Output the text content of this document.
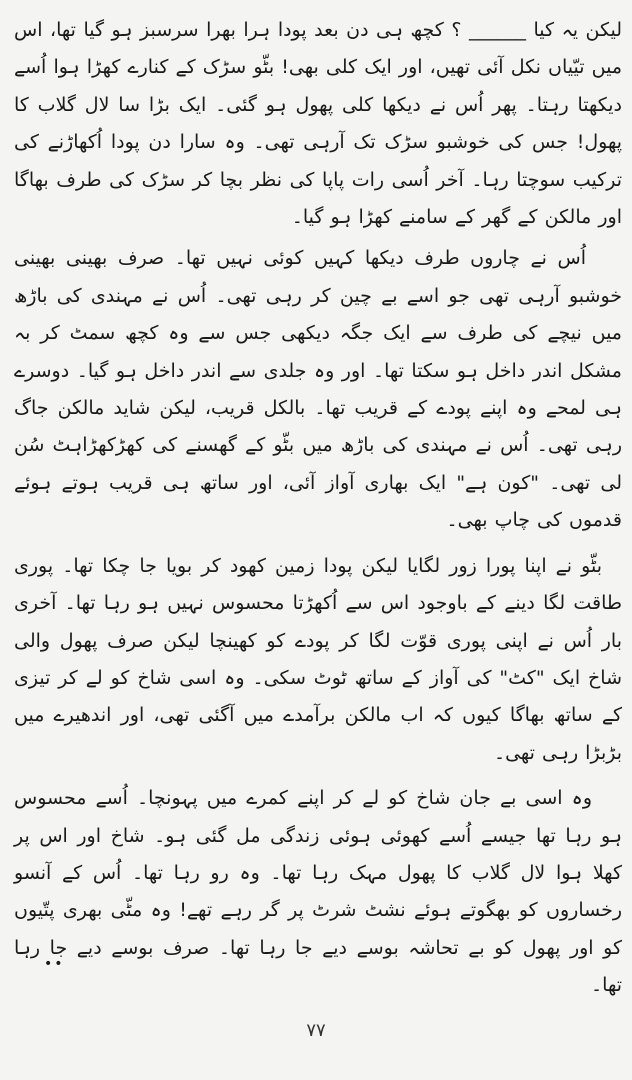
لیکن یہ کیا ______ ؟ کچھ ہی دن بعد پودا ہرا بھرا سرسبز ہو گیا تھا، اس میں تیّیاں نکل آئی تھیں، اور ایک کلی بھی! بٹّو سڑک کے کنارے کھڑا ہوا اُسے دیکھتا رہتا۔ پھر اُس نے دیکھا کلی پھول ہو گئی۔ ایک بڑا سا لال گلاب کا پھول! جس کی خوشبو سڑک تک آرہی تھی۔ وہ سارا دن پودا اُکھاڑنے کی ترکیب سوچتا رہا۔ آخر اُسی رات پاپا کی نظر بچا کر سڑک کی طرف بھاگا اور مالکن کے گھر کے سامنے کھڑا ہو گیا۔

اُس نے چاروں طرف دیکھا کہیں کوئی نہیں تھا۔ صرف بھینی بھینی خوشبو آرہی تھی جو اسے بے چین کر رہی تھی۔ اُس نے مہندی کی باڑھ میں نیچے کی طرف سے ایک جگہ دیکھی جس سے وہ کچھ سمٹ کر بہ مشکل اندر داخل ہو سکتا تھا۔ اور وہ جلدی سے اندر داخل ہو گیا۔ دوسرے ہی لمحے وہ اپنے پودے کے قریب تھا۔ بالکل قریب، لیکن شاید مالکن جاگ رہی تھی۔ اُس نے مہندی کی باڑھ میں بٹّو کے گھسنے کی کھڑکھڑاہٹ سُن لی تھی۔ "کون ہے" ایک بھاری آواز آئی، اور ساتھ ہی قریب ہوتے ہوئے قدموں کی چاپ بھی۔

بٹّو نے اپنا پورا زور لگایا لیکن پودا زمین کھود کر بویا جا چکا تھا۔ پوری طاقت لگا دینے کے باوجود اس سے اُکھڑتا محسوس نہیں ہو رہا تھا۔ آخری بار اُس نے اپنی پوری قوّت لگا کر پودے کو کھینچا لیکن صرف پھول والی شاخ ایک "کٹ" کی آواز کے ساتھ ٹوٹ سکی۔ وہ اسی شاخ کو لے کر تیزی کے ساتھ بھاگا کیوں کہ اب مالکن برآمدے میں آگئی تھی، اور اندھیرے میں بڑبڑا رہی تھی۔

وہ اسی بے جان شاخ کو لے کر اپنے کمرے میں پہونچا۔ اُسے محسوس ہو رہا تھا جیسے اُسے کھوئی ہوئی زندگی مل گئی ہو۔ شاخ اور اس پر کھلا ہوا لال گلاب کا پھول مہک رہا تھا۔ وہ رو رہا تھا۔ اُس کے آنسو رخساروں کو بھگوتے ہوئے نشٹ شرٹ پر گر رہے تھے! وہ مٹّی بھری پتّیوں کو اور پھول کو بے تحاشہ بوسے دیے جا رہا تھا۔ صرف بوسے دیے جا رہا تھا۔

••
۷۷
